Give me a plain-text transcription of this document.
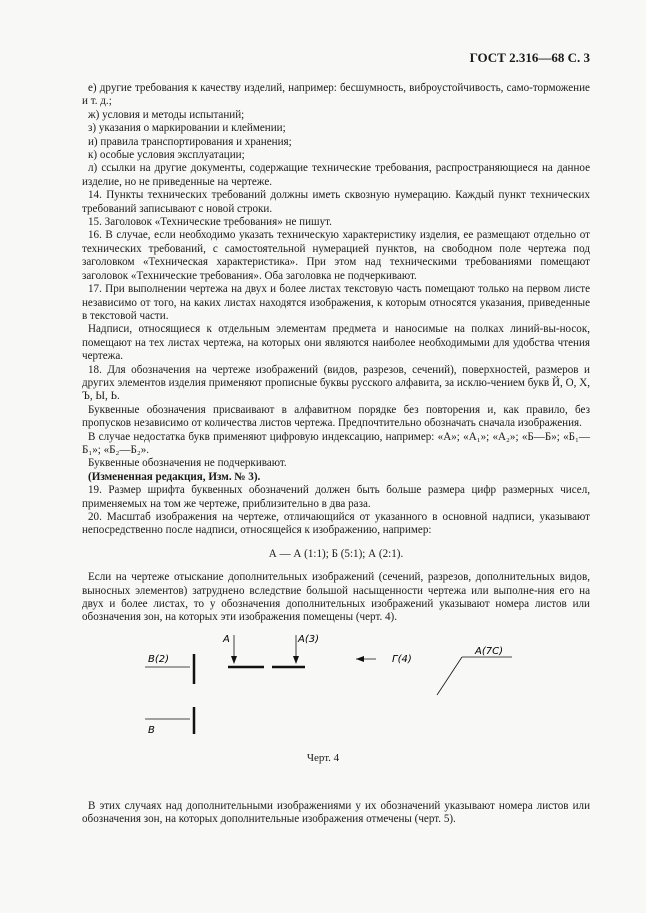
ГОСТ 2.316—68 С. 3

е) другие требования к качеству изделий, например: бесшумность, виброустойчивость, само-торможение и т. д.;

ж) условия и методы испытаний;

з) указания о маркировании и клеймении;

и) правила транспортирования и хранения;

к) особые условия эксплуатации;

л) ссылки на другие документы, содержащие технические требования, распространяющиеся на данное изделие, но не приведенные на чертеже.

14. Пункты технических требований должны иметь сквозную нумерацию. Каждый пункт технических требований записывают с новой строки.

15. Заголовок «Технические требования» не пишут.

16. В случае, если необходимо указать техническую характеристику изделия, ее размещают отдельно от технических требований, с самостоятельной нумерацией пунктов, на свободном поле чертежа под заголовком «Техническая характеристика». При этом над техническими требованиями помещают заголовок «Технические требования». Оба заголовка не подчеркивают.

17. При выполнении чертежа на двух и более листах текстовую часть помещают только на первом листе независимо от того, на каких листах находятся изображения, к которым относятся указания, приведенные в текстовой части.

Надписи, относящиеся к отдельным элементам предмета и наносимые на полках линий-вы-носок, помещают на тех листах чертежа, на которых они являются наиболее необходимыми для удобства чтения чертежа.

18. Для обозначения на чертеже изображений (видов, разрезов, сечений), поверхностей, размеров и других элементов изделия применяют прописные буквы русского алфавита, за исклю-чением букв Й, О, Х, Ъ, Ы, Ь.

Буквенные обозначения присваивают в алфавитном порядке без повторения и, как правило, без пропусков независимо от количества листов чертежа. Предпочтительно обозначать сначала изображения.

В случае недостатка букв применяют цифровую индексацию, например: «А»; «А₁»; «А₂»; «Б—Б»; «Б₁—Б₁»; «Б₂—Б₂».

Буквенные обозначения не подчеркивают.

(Измененная редакция, Изм. № 3).

19. Размер шрифта буквенных обозначений должен быть больше размера цифр размерных чисел, применяемых на том же чертеже, приблизительно в два раза.

20. Масштаб изображения на чертеже, отличающийся от указанного в основной надписи, указывают непосредственно после надписи, относящейся к изображению, например:

А — А (1:1); Б (5:1); А (2:1).

Если на чертеже отыскание дополнительных изображений (сечений, разрезов, дополнительных видов, выносных элементов) затруднено вследствие большой насыщенности чертежа или выполне-ния его на двух и более листах, то у обозначения дополнительных изображений указывают номера листов или обозначения зон, на которых эти изображения помещены (черт. 4).

В(2)
А	А(3)
Г(4)
А(7С)
В
Черт. 4

В этих случаях над дополнительными изображениями у их обозначений указывают номера листов или обозначения зон, на которых дополнительные изображения отмечены (черт. 5).
